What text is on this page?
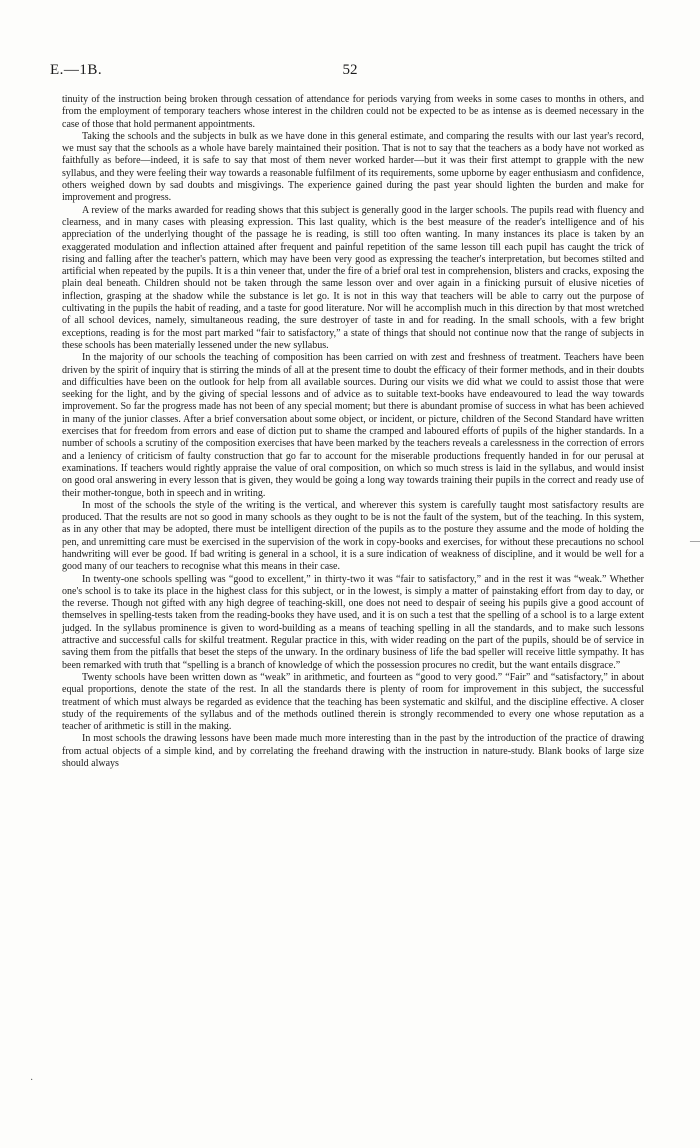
E.—1B.	52

tinuity of the instruction being broken through cessation of attendance for periods varying from weeks in some cases to months in others, and from the employment of temporary teachers whose interest in the children could not be expected to be as intense as is deemed necessary in the case of those that hold permanent appointments.

Taking the schools and the subjects in bulk as we have done in this general estimate, and comparing the results with our last year's record, we must say that the schools as a whole have barely maintained their position. That is not to say that the teachers as a body have not worked as faithfully as before—indeed, it is safe to say that most of them never worked harder—but it was their first attempt to grapple with the new syllabus, and they were feeling their way towards a reasonable fulfilment of its requirements, some upborne by eager enthusiasm and confidence, others weighed down by sad doubts and misgivings. The experience gained during the past year should lighten the burden and make for improvement and progress.

A review of the marks awarded for reading shows that this subject is generally good in the larger schools. The pupils read with fluency and clearness, and in many cases with pleasing expression. This last quality, which is the best measure of the reader's intelligence and of his appreciation of the underlying thought of the passage he is reading, is still too often wanting. In many instances its place is taken by an exaggerated modulation and inflection attained after frequent and painful repetition of the same lesson till each pupil has caught the trick of rising and falling after the teacher's pattern, which may have been very good as expressing the teacher's interpretation, but becomes stilted and artificial when repeated by the pupils. It is a thin veneer that, under the fire of a brief oral test in comprehension, blisters and cracks, exposing the plain deal beneath. Children should not be taken through the same lesson over and over again in a finicking pursuit of elusive niceties of inflection, grasping at the shadow while the substance is let go. It is not in this way that teachers will be able to carry out the purpose of cultivating in the pupils the habit of reading, and a taste for good literature. Nor will he accomplish much in this direction by that most wretched of all school devices, namely, simultaneous reading, the sure destroyer of taste in and for reading. In the small schools, with a few bright exceptions, reading is for the most part marked “fair to satisfactory,” a state of things that should not continue now that the range of subjects in these schools has been materially lessened under the new syllabus.

In the majority of our schools the teaching of composition has been carried on with zest and freshness of treatment. Teachers have been driven by the spirit of inquiry that is stirring the minds of all at the present time to doubt the efficacy of their former methods, and in their doubts and difficulties have been on the outlook for help from all available sources. During our visits we did what we could to assist those that were seeking for the light, and by the giving of special lessons and of advice as to suitable text-books have endeavoured to lead the way towards improvement. So far the progress made has not been of any special moment; but there is abundant promise of success in what has been achieved in many of the junior classes. After a brief conversation about some object, or incident, or picture, children of the Second Standard have written exercises that for freedom from errors and ease of diction put to shame the cramped and laboured efforts of pupils of the higher standards. In a number of schools a scrutiny of the composition exercises that have been marked by the teachers reveals a carelessness in the correction of errors and a leniency of criticism of faulty construction that go far to account for the miserable productions frequently handed in for our perusal at examinations. If teachers would rightly appraise the value of oral composition, on which so much stress is laid in the syllabus, and would insist on good oral answering in every lesson that is given, they would be going a long way towards training their pupils in the correct and ready use of their mother-tongue, both in speech and in writing.

In most of the schools the style of the writing is the vertical, and wherever this system is carefully taught most satisfactory results are produced. That the results are not so good in many schools as they ought to be is not the fault of the system, but of the teaching. In this system, as in any other that may be adopted, there must be intelligent direction of the pupils as to the posture they assume and the mode of holding the pen, and unremitting care must be exercised in the supervision of the work in copy-books and exercises, for without these precautions no school handwriting will ever be good. If bad writing is general in a school, it is a sure indication of weakness of discipline, and it would be well for a good many of our teachers to recognise what this means in their case.

In twenty-one schools spelling was “good to excellent,” in thirty-two it was “fair to satisfactory,” and in the rest it was “weak.” Whether one's school is to take its place in the highest class for this subject, or in the lowest, is simply a matter of painstaking effort from day to day, or the reverse. Though not gifted with any high degree of teaching-skill, one does not need to despair of seeing his pupils give a good account of themselves in spelling-tests taken from the reading-books they have used, and it is on such a test that the spelling of a school is to a large extent judged. In the syllabus prominence is given to word-building as a means of teaching spelling in all the standards, and to make such lessons attractive and successful calls for skilful treatment. Regular practice in this, with wider reading on the part of the pupils, should be of service in saving them from the pitfalls that beset the steps of the unwary. In the ordinary business of life the bad speller will receive little sympathy. It has been remarked with truth that “spelling is a branch of knowledge of which the possession procures no credit, but the want entails disgrace.”

Twenty schools have been written down as “weak” in arithmetic, and fourteen as “good to very good.” “Fair” and “satisfactory,” in about equal proportions, denote the state of the rest. In all the standards there is plenty of room for improvement in this subject, the successful treatment of which must always be regarded as evidence that the teaching has been systematic and skilful, and the discipline effective. A closer study of the requirements of the syllabus and of the methods outlined therein is strongly recommended to every one whose reputation as a teacher of arithmetic is still in the making.

In most schools the drawing lessons have been made much more interesting than in the past by the introduction of the practice of drawing from actual objects of a simple kind, and by correlating the freehand drawing with the instruction in nature-study. Blank books of large size should always

—
·
